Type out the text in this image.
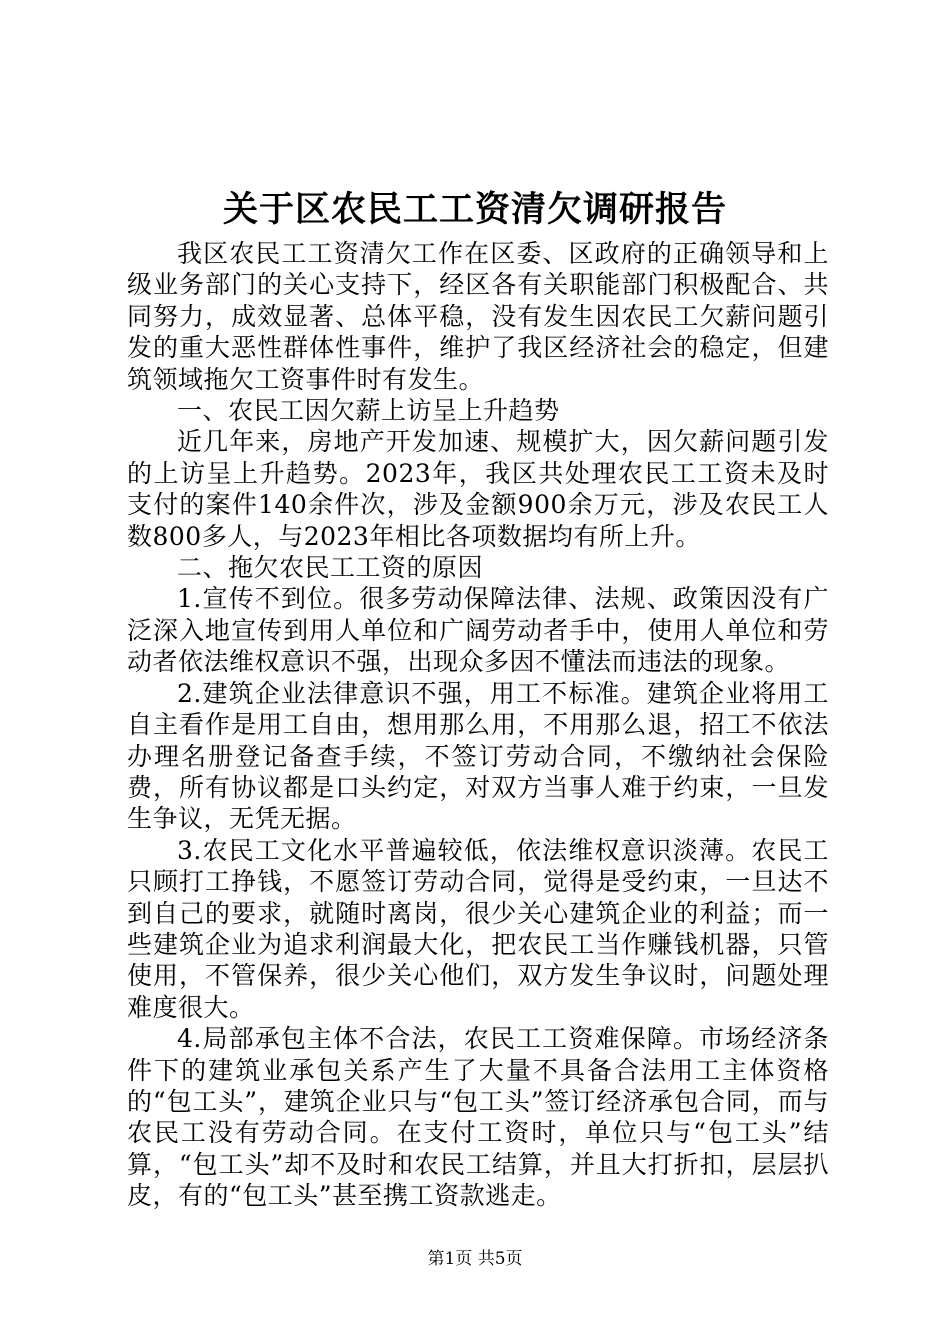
关于区农民工工资清欠调研报告

我区农民工工资清欠工作在区委、区政府的正确领导和上级业务部门的关心支持下，经区各有关职能部门积极配合、共同努力，成效显著、总体平稳，没有发生因农民工欠薪问题引发的重大恶性群体性事件，维护了我区经济社会的稳定，但建筑领域拖欠工资事件时有发生。

一、农民工因欠薪上访呈上升趋势

近几年来，房地产开发加速、规模扩大，因欠薪问题引发的上访呈上升趋势。2023年，我区共处理农民工工资未及时支付的案件140余件次，涉及金额900余万元，涉及农民工人数800多人，与2023年相比各项数据均有所上升。

二、拖欠农民工工资的原因

1.宣传不到位。很多劳动保障法律、法规、政策因没有广泛深入地宣传到用人单位和广阔劳动者手中，使用人单位和劳动者依法维权意识不强，出现众多因不懂法而违法的现象。

2.建筑企业法律意识不强，用工不标准。建筑企业将用工自主看作是用工自由，想用那么用，不用那么退，招工不依法办理名册登记备查手续，不签订劳动合同，不缴纳社会保险费，所有协议都是口头约定，对双方当事人难于约束，一旦发生争议，无凭无据。

3.农民工文化水平普遍较低，依法维权意识淡薄。农民工只顾打工挣钱，不愿签订劳动合同，觉得是受约束，一旦达不到自己的要求，就随时离岗，很少关心建筑企业的利益；而一些建筑企业为追求利润最大化，把农民工当作赚钱机器，只管使用，不管保养，很少关心他们，双方发生争议时，问题处理难度很大。

4.局部承包主体不合法，农民工工资难保障。市场经济条件下的建筑业承包关系产生了大量不具备合法用工主体资格的“包工头”，建筑企业只与“包工头”签订经济承包合同，而与农民工没有劳动合同。在支付工资时，单位只与“包工头”结算，“包工头”却不及时和农民工结算，并且大打折扣，层层扒皮，有的“包工头”甚至携工资款逃走。

第1页 共5页
